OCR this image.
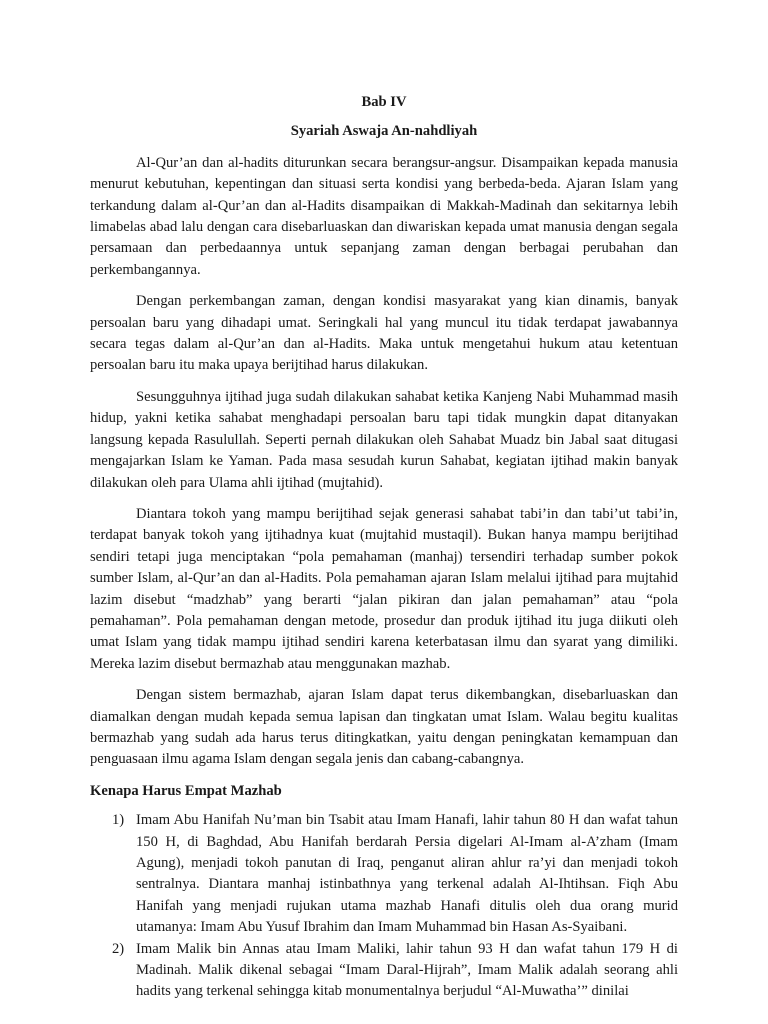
Bab IV

Syariah Aswaja An-nahdliyah

Al-Qur’an dan al-hadits diturunkan secara berangsur-angsur. Disampaikan kepada manusia menurut kebutuhan, kepentingan dan situasi serta kondisi yang berbeda-beda. Ajaran Islam yang terkandung dalam al-Qur’an dan al-Hadits disampaikan di Makkah-Madinah dan sekitarnya lebih limabelas abad lalu dengan cara disebarluaskan dan diwariskan kepada umat manusia dengan segala persamaan dan perbedaannya untuk sepanjang zaman dengan berbagai perubahan dan perkembangannya.

Dengan perkembangan zaman, dengan kondisi masyarakat yang kian dinamis, banyak persoalan baru yang dihadapi umat. Seringkali hal yang muncul itu tidak terdapat jawabannya secara tegas dalam al-Qur’an dan al-Hadits. Maka untuk mengetahui hukum atau ketentuan persoalan baru itu maka upaya berijtihad harus dilakukan.

Sesungguhnya ijtihad juga sudah dilakukan sahabat ketika Kanjeng Nabi Muhammad masih hidup, yakni ketika sahabat menghadapi persoalan baru tapi tidak mungkin dapat ditanyakan langsung kepada Rasulullah. Seperti pernah dilakukan oleh Sahabat Muadz bin Jabal saat ditugasi mengajarkan Islam ke Yaman. Pada masa sesudah kurun Sahabat, kegiatan ijtihad makin banyak dilakukan oleh para Ulama ahli ijtihad (mujtahid).

Diantara tokoh yang mampu berijtihad sejak generasi sahabat tabi’in dan tabi’ut tabi’in, terdapat banyak tokoh yang ijtihadnya kuat (mujtahid mustaqil). Bukan hanya mampu berijtihad sendiri tetapi juga menciptakan “pola pemahaman (manhaj) tersendiri terhadap sumber pokok sumber Islam, al-Qur’an dan al-Hadits. Pola pemahaman ajaran Islam melalui ijtihad para mujtahid lazim disebut “madzhab” yang berarti “jalan pikiran dan jalan pemahaman” atau “pola pemahaman”. Pola pemahaman dengan metode, prosedur dan produk ijtihad itu juga diikuti oleh umat Islam yang tidak mampu ijtihad sendiri karena keterbatasan ilmu dan syarat yang dimiliki. Mereka lazim disebut bermazhab atau menggunakan mazhab.

Dengan sistem bermazhab, ajaran Islam dapat terus dikembangkan, disebarluaskan dan diamalkan dengan mudah kepada semua lapisan dan tingkatan umat Islam. Walau begitu kualitas bermazhab yang sudah ada harus terus ditingkatkan, yaitu dengan peningkatan kemampuan dan penguasaan ilmu agama Islam dengan segala jenis dan cabang-cabangnya.

Kenapa Harus Empat Mazhab
1) Imam Abu Hanifah Nu’man bin Tsabit atau Imam Hanafi, lahir tahun 80 H dan wafat tahun 150 H, di Baghdad, Abu Hanifah berdarah Persia digelari Al-Imam al-A’zham (Imam Agung), menjadi tokoh panutan di Iraq, penganut aliran ahlur ra’yi dan menjadi tokoh sentralnya. Diantara manhaj istinbathnya yang terkenal adalah Al-Ihtihsan. Fiqh Abu Hanifah yang menjadi rujukan utama mazhab Hanafi ditulis oleh dua orang murid utamanya: Imam Abu Yusuf Ibrahim dan Imam Muhammad bin Hasan As-Syaibani.
2) Imam Malik bin Annas atau Imam Maliki, lahir tahun 93 H dan wafat tahun 179 H di Madinah. Malik dikenal sebagai “Imam Daral-Hijrah”, Imam Malik adalah seorang ahli hadits yang terkenal sehingga kitab monumentalnya berjudul “Al-Muwatha’” dinilai
